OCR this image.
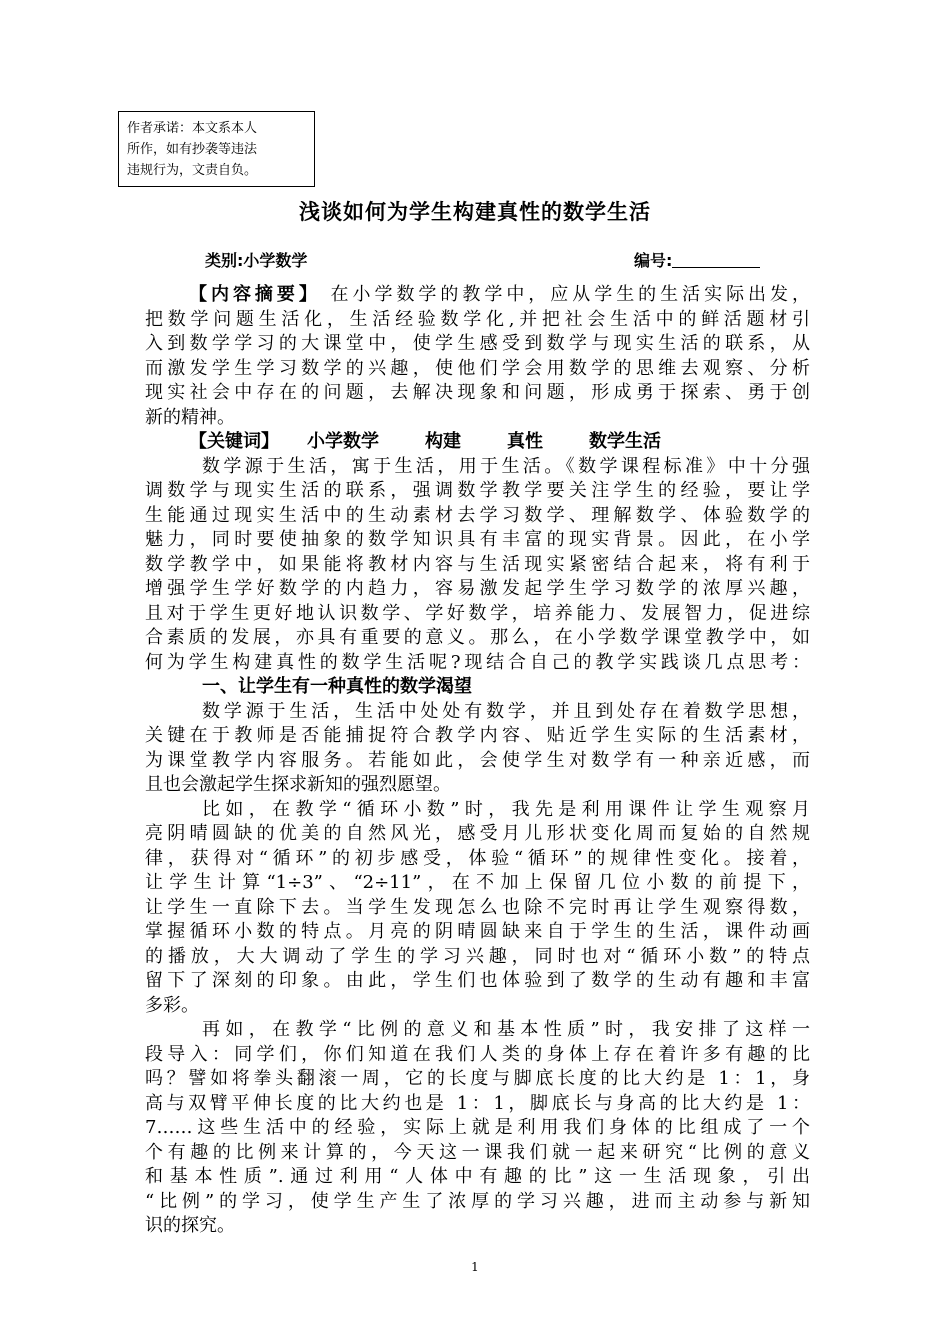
作者承诺：本文系本人
所作，如有抄袭等违法
违规行为，文责自负。
浅谈如何为学生构建真性的数学生活
类别:小学数学	编号:
【内容摘要】 在小学数学的教学中，应从学生的生活实际出发，
把数学问题生活化，生活经验数学化,并把社会生活中的鲜活题材引
入到数学学习的大课堂中，使学生感受到数学与现实生活的联系，从
而激发学生学习数学的兴趣，使他们学会用数学的思维去观察、分析
现实社会中存在的问题，去解决现象和问题，形成勇于探索、勇于创
新的精神。
【关键词】 小学数学	构建	真性	数学生活
数学源于生活，寓于生活，用于生活。《数学课程标准》中十分强
调数学与现实生活的联系，强调数学教学要关注学生的经验，要让学
生能通过现实生活中的生动素材去学习数学、理解数学、体验数学的
魅力，同时要使抽象的数学知识具有丰富的现实背景。因此，在小学
数学教学中，如果能将教材内容与生活现实紧密结合起来，将有利于
增强学生学好数学的内趋力，容易激发起学生学习数学的浓厚兴趣，
且对于学生更好地认识数学、学好数学，培养能力、发展智力，促进综
合素质的发展，亦具有重要的意义。那么，在小学数学课堂教学中，如
何为学生构建真性的数学生活呢?现结合自己的教学实践谈几点思考：
一、让学生有一种真性的数学渴望
数学源于生活，生活中处处有数学，并且到处存在着数学思想，
关键在于教师是否能捕捉符合教学内容、贴近学生实际的生活素材，
为课堂教学内容服务。若能如此，会使学生对数学有一种亲近感，而
且也会激起学生探求新知的强烈愿望。
比如，在教学“循环小数”时，我先是利用课件让学生观察月
亮阴晴圆缺的优美的自然风光，感受月儿形状变化周而复始的自然规
律，获得对“循环”的初步感受，体验“循环”的规律性变化。接着，
让学生计算“1÷3”、“2÷11”，在不加上保留几位小数的前提下，
让学生一直除下去。当学生发现怎么也除不完时再让学生观察得数，
掌握循环小数的特点。月亮的阴晴圆缺来自于学生的生活，课件动画
的播放，大大调动了学生的学习兴趣，同时也对“循环小数”的特点
留下了深刻的印象。由此，学生们也体验到了数学的生动有趣和丰富
多彩。
再如，在教学“比例的意义和基本性质”时，我安排了这样一
段导入：同学们，你们知道在我们人类的身体上存在着许多有趣的比
吗？譬如将拳头翻滚一周，它的长度与脚底长度的比大约是 1：1，身
高与双臂平伸长度的比大约也是 1：1，脚底长与身高的比大约是 1：
7……这些生活中的经验，实际上就是利用我们身体的比组成了一个
个有趣的比例来计算的，今天这一课我们就一起来研究“比例的意义
和基本性质”.通过利用“人体中有趣的比”这一生活现象，引出
“比例”的学习，使学生产生了浓厚的学习兴趣，进而主动参与新知
识的探究。
1
